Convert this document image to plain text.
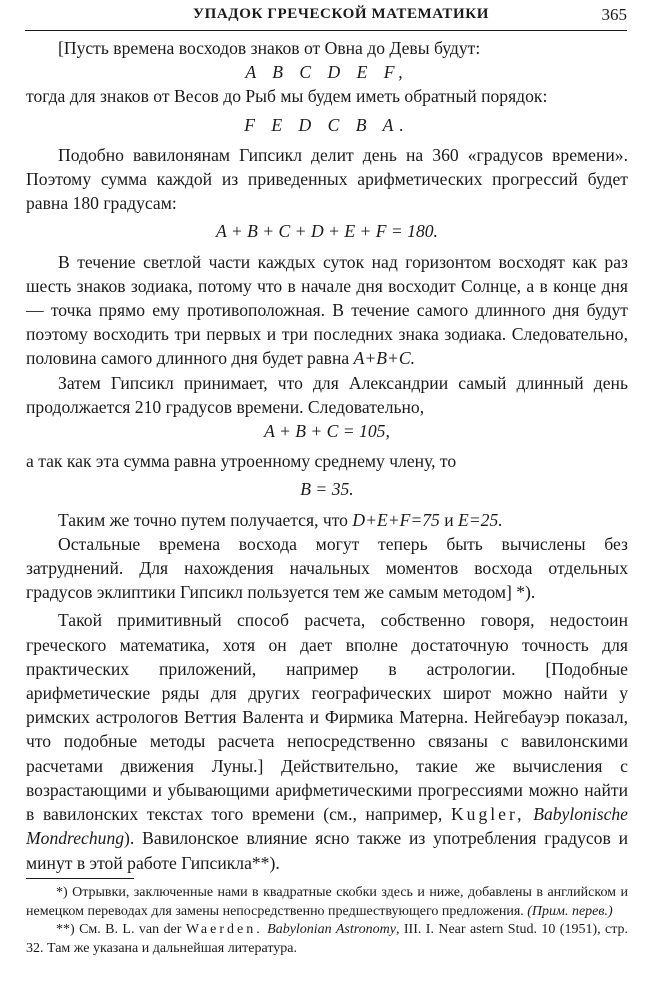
УПАДОК ГРЕЧЕСКОЙ МАТЕМАТИКИ	365

[Пусть времена восходов знаков от Овна до Девы будут:

A B C D E F,

тогда для знаков от Весов до Рыб мы будем иметь обратный порядок:

F E D C B A.

Подобно вавилонянам Гипсикл делит день на 360 «градусов времени». Поэтому сумма каждой из приведенных арифметических прогрессий будет равна 180 градусам:

A + B + C + D + E + F = 180.

В течение светлой части каждых суток над горизонтом восходят как раз шесть знаков зодиака, потому что в начале дня восходит Солнце, а в конце дня — точка прямо ему противоположная. В течение самого длинного дня будут поэтому восходить три первых и три последних знака зодиака. Следовательно, половина самого длинного дня будет равна A+B+C.

Затем Гипсикл принимает, что для Александрии самый длинный день продолжается 210 градусов времени. Следовательно,

A + B + C = 105,

а так как эта сумма равна утроенному среднему члену, то

B = 35.

Таким же точно путем получается, что D+E+F=75 и E=25.

Остальные времена восхода могут теперь быть вычислены без затруднений. Для нахождения начальных моментов восхода отдельных градусов эклиптики Гипсикл пользуется тем же самым методом] *).

Такой примитивный способ расчета, собственно говоря, недостоин греческого математика, хотя он дает вполне достаточную точность для практических приложений, например в астрологии. [Подобные арифметические ряды для других географических широт можно найти у римских астрологов Веттия Валента и Фирмика Матерна. Нейгебауэр показал, что подобные методы расчета непосредственно связаны с вавилонскими расчетами движения Луны.] Действительно, такие же вычисления с возрастающими и убывающими арифметическими прогрессиями можно найти в вавилонских текстах того времени (см., например, Kugler, Babylonische Mondrechung). Вавилонское влияние ясно также из употребления градусов и минут в этой работе Гипсикла**).

*) Отрывки, заключенные нами в квадратные скобки здесь и ниже, добавлены в английском и немецком переводах для замены непосредственно предшествующего предложения. (Прим. перев.)

**) См. B. L. van der Waerden. Babylonian Astronomy, III. I. Near astern Stud. 10 (1951), стр. 32. Там же указана и дальнейшая литература.
